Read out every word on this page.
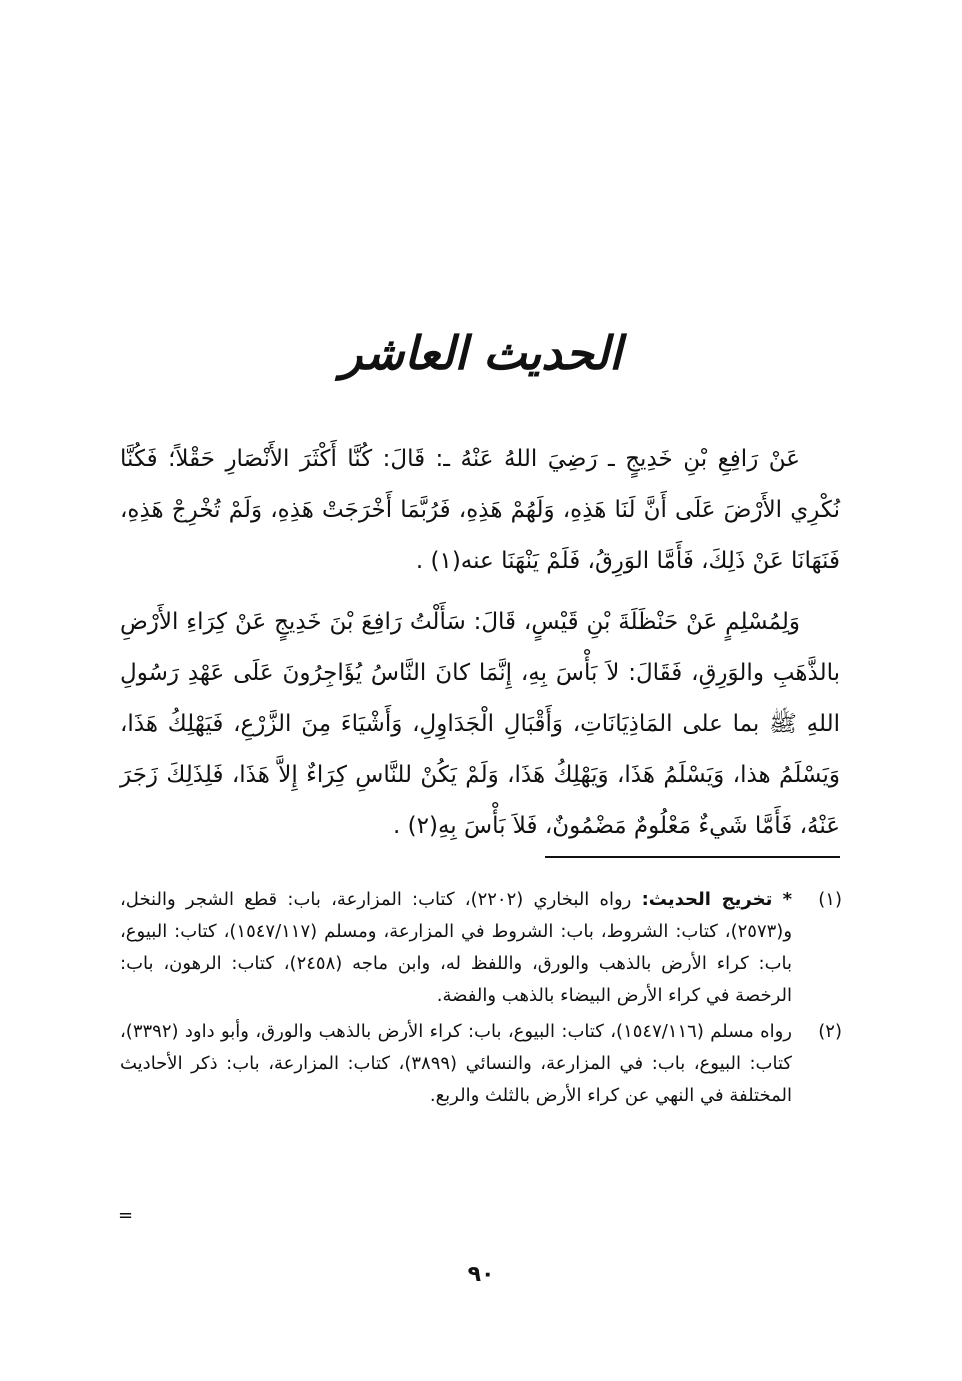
الحديث العاشر

عَنْ رَافِعِ بْنِ خَدِيجٍ ـ رَضِيَ اللهُ عَنْهُ ـ: قَالَ: كُنَّا أَكْثَرَ الأَنْصَارِ حَقْلاً؛ فَكُنَّا نُكْرِي الأَرْضَ عَلَى أَنَّ لَنَا هَذِهِ، وَلَهُمْ هَذِهِ، فَرُبَّمَا أَخْرَجَتْ هَذِهِ، وَلَمْ تُخْرِجْ هَذِهِ، فَنَهَانَا عَنْ ذَلِكَ، فَأَمَّا الوَرِقُ، فَلَمْ يَنْهَنَا عنه(١) .

وَلِمُسْلِمٍ عَنْ حَنْظَلَةَ بْنِ قَيْسٍ، قَالَ: سَأَلْتُ رَافِعَ بْنَ خَدِيجٍ عَنْ كِرَاءِ الأَرْضِ بالذَّهَبِ والوَرِقِ، فَقَالَ: لاَ بَأْسَ بِهِ، إِنَّمَا كانَ النَّاسُ يُؤَاجِرُونَ عَلَى عَهْدِ رَسُولِ اللهِ ﷺ بما على المَاذِيَانَاتِ، وَأَقْبَالِ الْجَدَاوِلِ، وَأَشْيَاءَ مِنَ الزَّرْعِ، فَيَهْلِكُ هَذَا، وَيَسْلَمُ هذا، وَيَسْلَمُ هَذَا، وَيَهْلِكُ هَذَا، وَلَمْ يَكُنْ للنَّاسِ كِرَاءٌ إِلاَّ هَذَا، فَلِذَلِكَ زَجَرَ عَنْهُ، فَأَمَّا شَيءٌ مَعْلُومٌ مَضْمُونٌ، فَلاَ بَأْسَ بِهِ(٢) .

(١)
* تخريج الحديث: رواه البخاري (٢٢٠٢)، كتاب: المزارعة، باب: قطع الشجر والنخل، و(٢٥٧٣)، كتاب: الشروط، باب: الشروط في المزارعة، ومسلم (١٥٤٧/١١٧)، كتاب: البيوع، باب: كراء الأرض بالذهب والورق، واللفظ له، وابن ماجه (٢٤٥٨)، كتاب: الرهون، باب: الرخصة في كراء الأرض البيضاء بالذهب والفضة.
(٢)
رواه مسلم (١٥٤٧/١١٦)، كتاب: البيوع، باب: كراء الأرض بالذهب والورق، وأبو داود (٣٣٩٢)، كتاب: البيوع، باب: في المزارعة، والنسائي (٣٨٩٩)، كتاب: المزارعة، باب: ذكر الأحاديث المختلفة في النهي عن كراء الأرض بالثلث والربع.
=
٩٠
